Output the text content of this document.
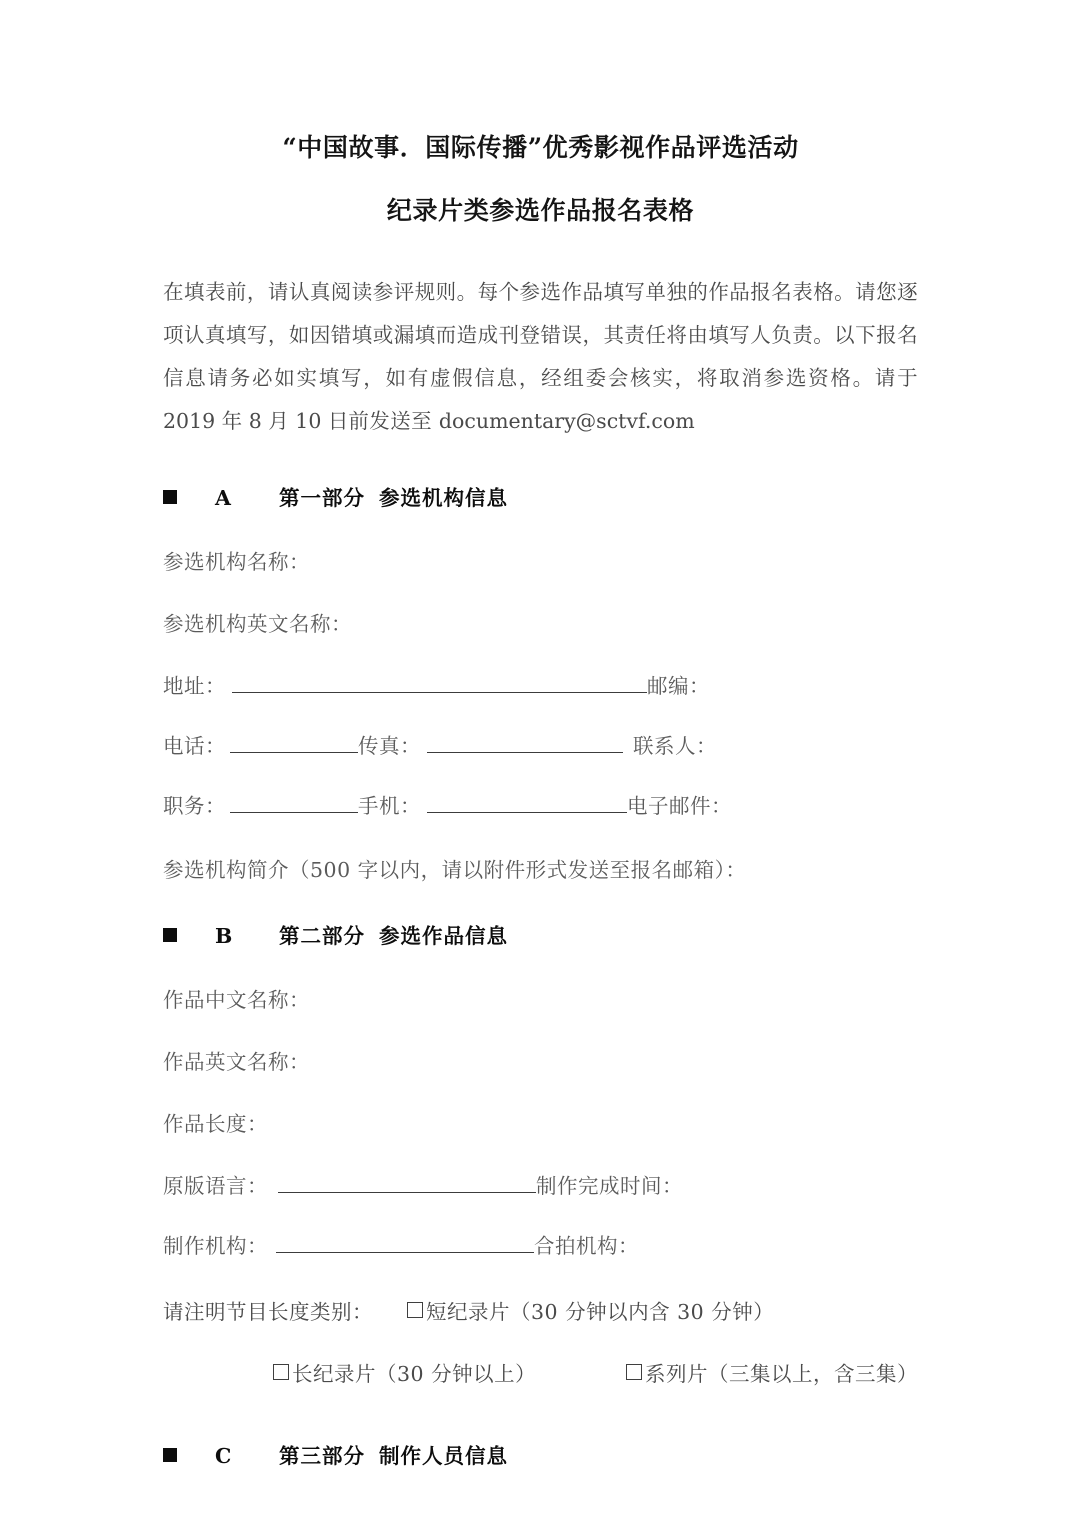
“中国故事．国际传播”优秀影视作品评选活动
纪录片类参选作品报名表格
在填表前，请认真阅读参评规则。每个参选作品填写单独的作品报名表格。请您逐项认真填写，如因错填或漏填而造成刊登错误，其责任将由填写人负责。以下报名信息请务必如实填写，如有虚假信息，经组委会核实，将取消参选资格。请于 2019 年 8 月 10 日前发送至 documentary@sctvf.com
A	第一部分 参选机构信息
参选机构名称：
参选机构英文名称：
地址：	邮编：
电话：	传真：	联系人：
职务：	手机：	电子邮件：
参选机构简介（500 字以内，请以附件形式发送至报名邮箱）：
B	第二部分 参选作品信息
作品中文名称：
作品英文名称：
作品长度：
原版语言：	制作完成时间：
制作机构：	合拍机构：
请注明节目长度类别：	短纪录片（30 分钟以内含 30 分钟）
长纪录片（30 分钟以上）	系列片（三集以上，含三集）
C	第三部分 制作人员信息
